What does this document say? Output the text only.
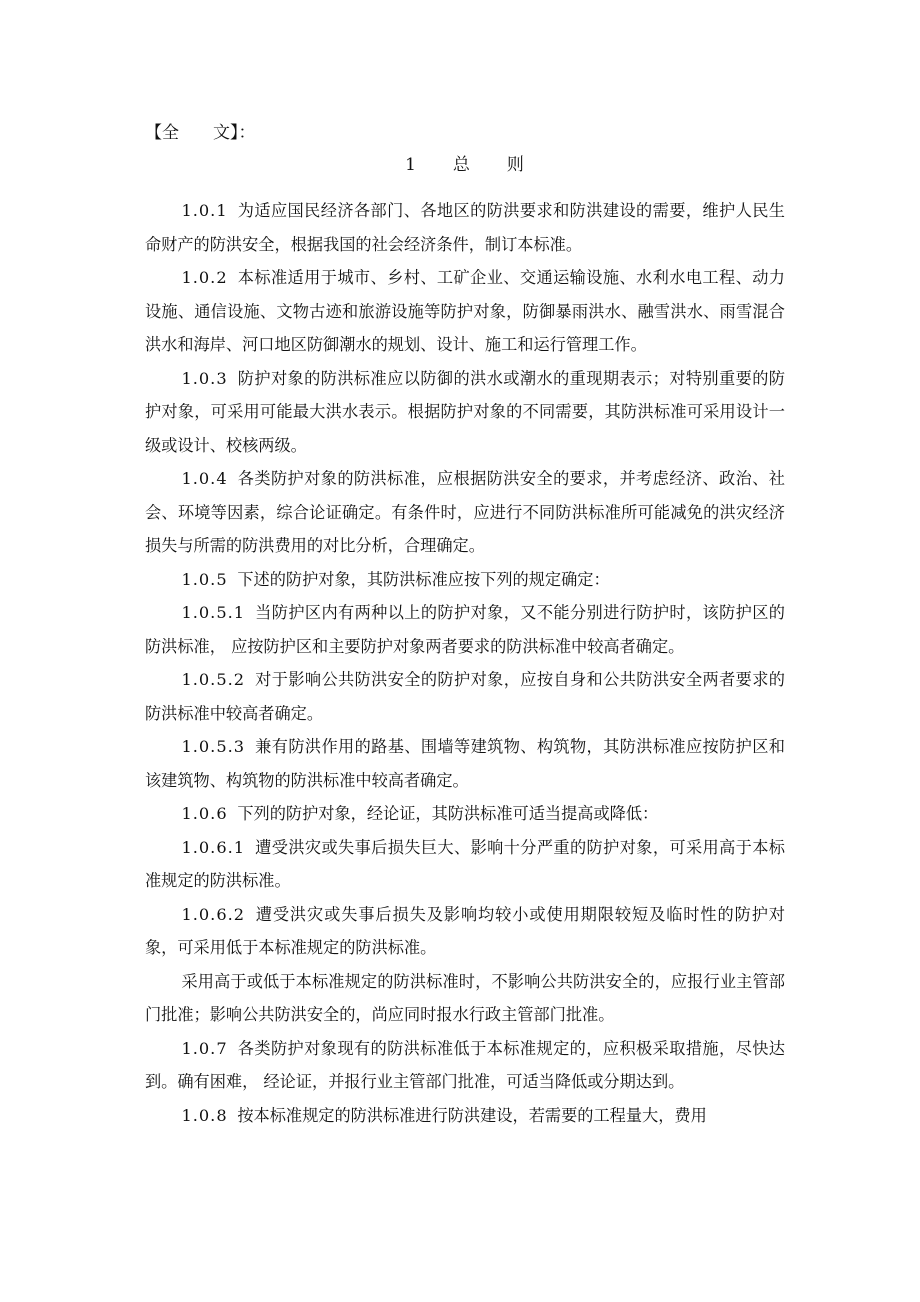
【全　　文】：
1　　总　　则

1.0.1 为适应国民经济各部门、各地区的防洪要求和防洪建设的需要，维护人民生命财产的防洪安全，根据我国的社会经济条件，制订本标准。

1.0.2 本标准适用于城市、乡村、工矿企业、交通运输设施、水利水电工程、动力设施、通信设施、文物古迹和旅游设施等防护对象，防御暴雨洪水、融雪洪水、雨雪混合洪水和海岸、河口地区防御潮水的规划、设计、施工和运行管理工作。

1.0.3 防护对象的防洪标准应以防御的洪水或潮水的重现期表示；对特别重要的防护对象，可采用可能最大洪水表示。根据防护对象的不同需要，其防洪标准可采用设计一级或设计、校核两级。

1.0.4 各类防护对象的防洪标准，应根据防洪安全的要求，并考虑经济、政治、社会、环境等因素，综合论证确定。有条件时，应进行不同防洪标准所可能减免的洪灾经济损失与所需的防洪费用的对比分析，合理确定。

1.0.5 下述的防护对象，其防洪标准应按下列的规定确定：

1.0.5.1 当防护区内有两种以上的防护对象，又不能分别进行防护时，该防护区的防洪标准， 应按防护区和主要防护对象两者要求的防洪标准中较高者确定。

1.0.5.2 对于影响公共防洪安全的防护对象，应按自身和公共防洪安全两者要求的防洪标准中较高者确定。

1.0.5.3 兼有防洪作用的路基、围墙等建筑物、构筑物，其防洪标准应按防护区和该建筑物、构筑物的防洪标准中较高者确定。

1.0.6 下列的防护对象，经论证，其防洪标准可适当提高或降低：

1.0.6.1 遭受洪灾或失事后损失巨大、影响十分严重的防护对象，可采用高于本标准规定的防洪标准。

1.0.6.2 遭受洪灾或失事后损失及影响均较小或使用期限较短及临时性的防护对象，可采用低于本标准规定的防洪标准。

采用高于或低于本标准规定的防洪标准时，不影响公共防洪安全的，应报行业主管部门批准；影响公共防洪安全的，尚应同时报水行政主管部门批准。

1.0.7 各类防护对象现有的防洪标准低于本标准规定的，应积极采取措施，尽快达到。确有困难， 经论证，并报行业主管部门批准，可适当降低或分期达到。

1.0.8 按本标准规定的防洪标准进行防洪建设，若需要的工程量大，费用
